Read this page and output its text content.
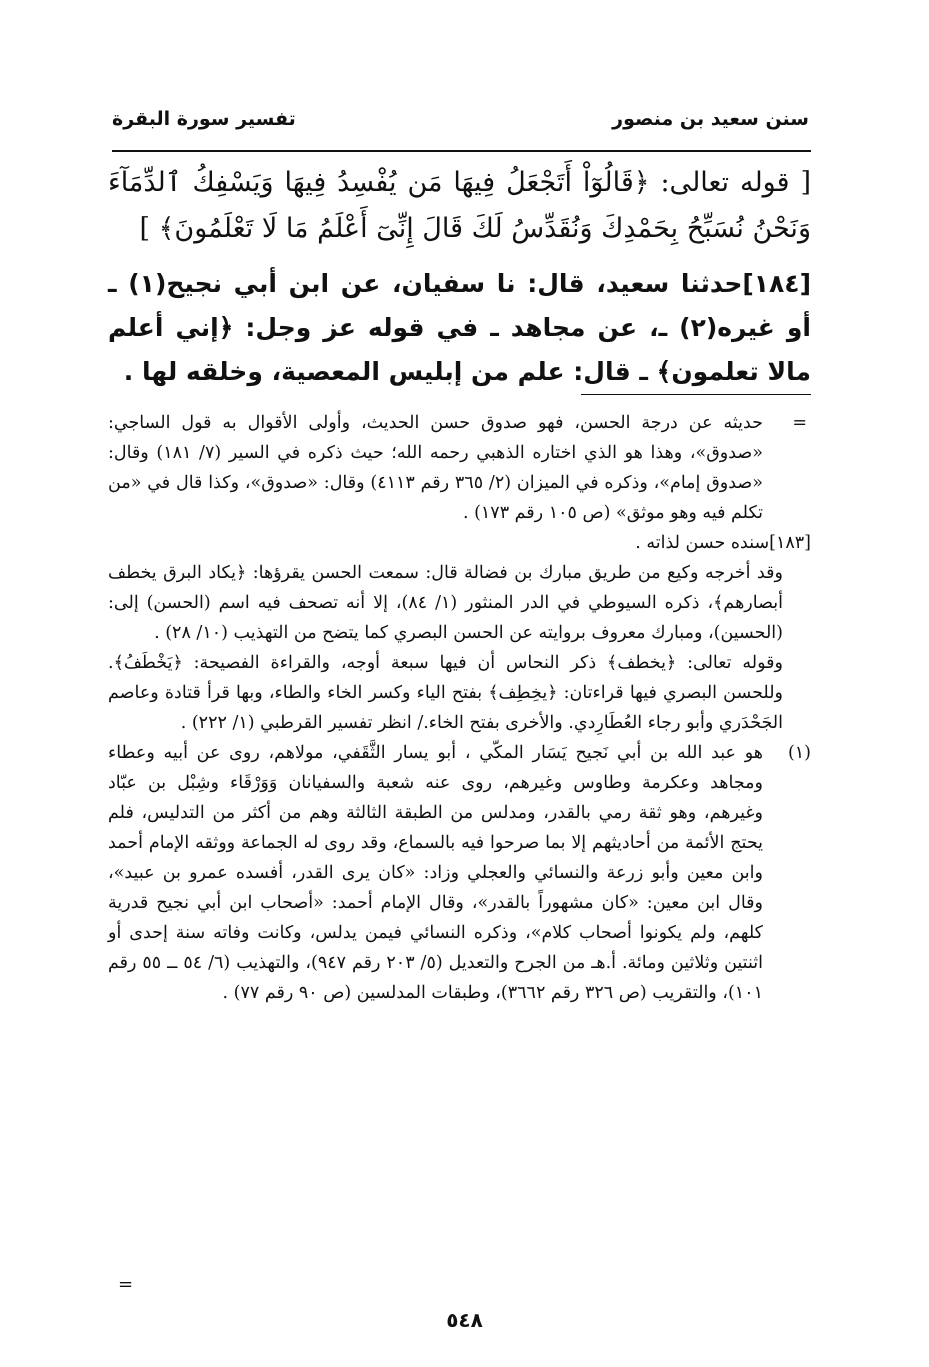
سنن سعيد بن منصور
تفسير سورة البقرة
[ قوله تعالى: ﴿قَالُوٓاْ أَتَجْعَلُ فِيهَا مَن يُفْسِدُ فِيهَا وَيَسْفِكُ ٱلدِّمَآءَ وَنَحْنُ نُسَبِّحُ بِحَمْدِكَ وَنُقَدِّسُ لَكَ قَالَ إِنِّىٓ أَعْلَمُ مَا لَا تَعْلَمُونَ﴾ ]
[١٨٤]حدثنا سعيد، قال: نا سفيان، عن ابن أبي نجيح(١) ـ أو غيره(٢) ـ، عن مجاهد ـ في قوله عز وجل: ﴿إني أعلم مالا تعلمون﴾ ـ قال: علم من إبليس المعصية، وخلقه لها .
=

حديثه عن درجة الحسن، فهو صدوق حسن الحديث، وأولى الأقوال به قول الساجي: «صدوق»، وهذا هو الذي اختاره الذهبي رحمه الله؛ حيث ذكره في السير (٧/ ١٨١) وقال: «صدوق إمام»، وذكره في الميزان (٢/ ٣٦٥ رقم ٤١١٣) وقال: «صدوق»، وكذا قال في «من تكلم فيه وهو موثق» (ص ١٠٥ رقم ١٧٣) .

[١٨٣]سنده حسن لذاته .

وقد أخرجه وكيع من طريق مبارك بن فضالة قال: سمعت الحسن يقرؤها: ﴿يكاد البرق يخطف أبصارهم﴾، ذكره السيوطي في الدر المنثور (١/ ٨٤)، إلا أنه تصحف فيه اسم (الحسن) إلى: (الحسين)، ومبارك معروف بروايته عن الحسن البصري كما يتضح من التهذيب (١٠/ ٢٨) .

وقوله تعالى: ﴿يخطف﴾ ذكر النحاس أن فيها سبعة أوجه، والقراءة الفصيحة: ﴿يَخْطَفُ﴾. وللحسن البصري فيها قراءتان: ﴿يخِطِف﴾ بفتح الياء وكسر الخاء والطاء، وبها قرأ قتادة وعاصم الجَحْدَري وأبو رجاء العُطَارِدي. والأخرى بفتح الخاء./ انظر تفسير القرطبي (١/ ٢٢٢) .

(١)

هو عبد الله بن أبي نَجيح يَسَار المكّي ، أبو يسار الثَّقَفي، مولاهم، روى عن أبيه وعطاء ومجاهد وعكرمة وطاوس وغيرهم، روى عنه شعبة والسفيانان وَوَرْقَاء وشِبْل بن عبّاد وغيرهم، وهو ثقة رمي بالقدر، ومدلس من الطبقة الثالثة وهم من أكثر من التدليس، فلم يحتج الأئمة من أحاديثهم إلا بما صرحوا فيه بالسماع، وقد روى له الجماعة ووثقه الإمام أحمد وابن معين وأبو زرعة والنسائي والعجلي وزاد: «كان يرى القدر، أفسده عمرو بن عبيد»، وقال ابن معين: «كان مشهوراً بالقدر»، وقال الإمام أحمد: «أصحاب ابن أبي نجيح قدرية كلهم، ولم يكونوا أصحاب كلام»، وذكره النسائي فيمن يدلس، وكانت وفاته سنة إحدى أو اثنتين وثلاثين ومائة. أ.هـ من الجرح والتعديل (٥/ ٢٠٣ رقم ٩٤٧)، والتهذيب (٦/ ٥٤ ــ ٥٥ رقم ١٠١)، والتقريب (ص ٣٢٦ رقم ٣٦٦٢)، وطبقات المدلسين (ص ٩٠ رقم ٧٧) .

=
٥٤٨
